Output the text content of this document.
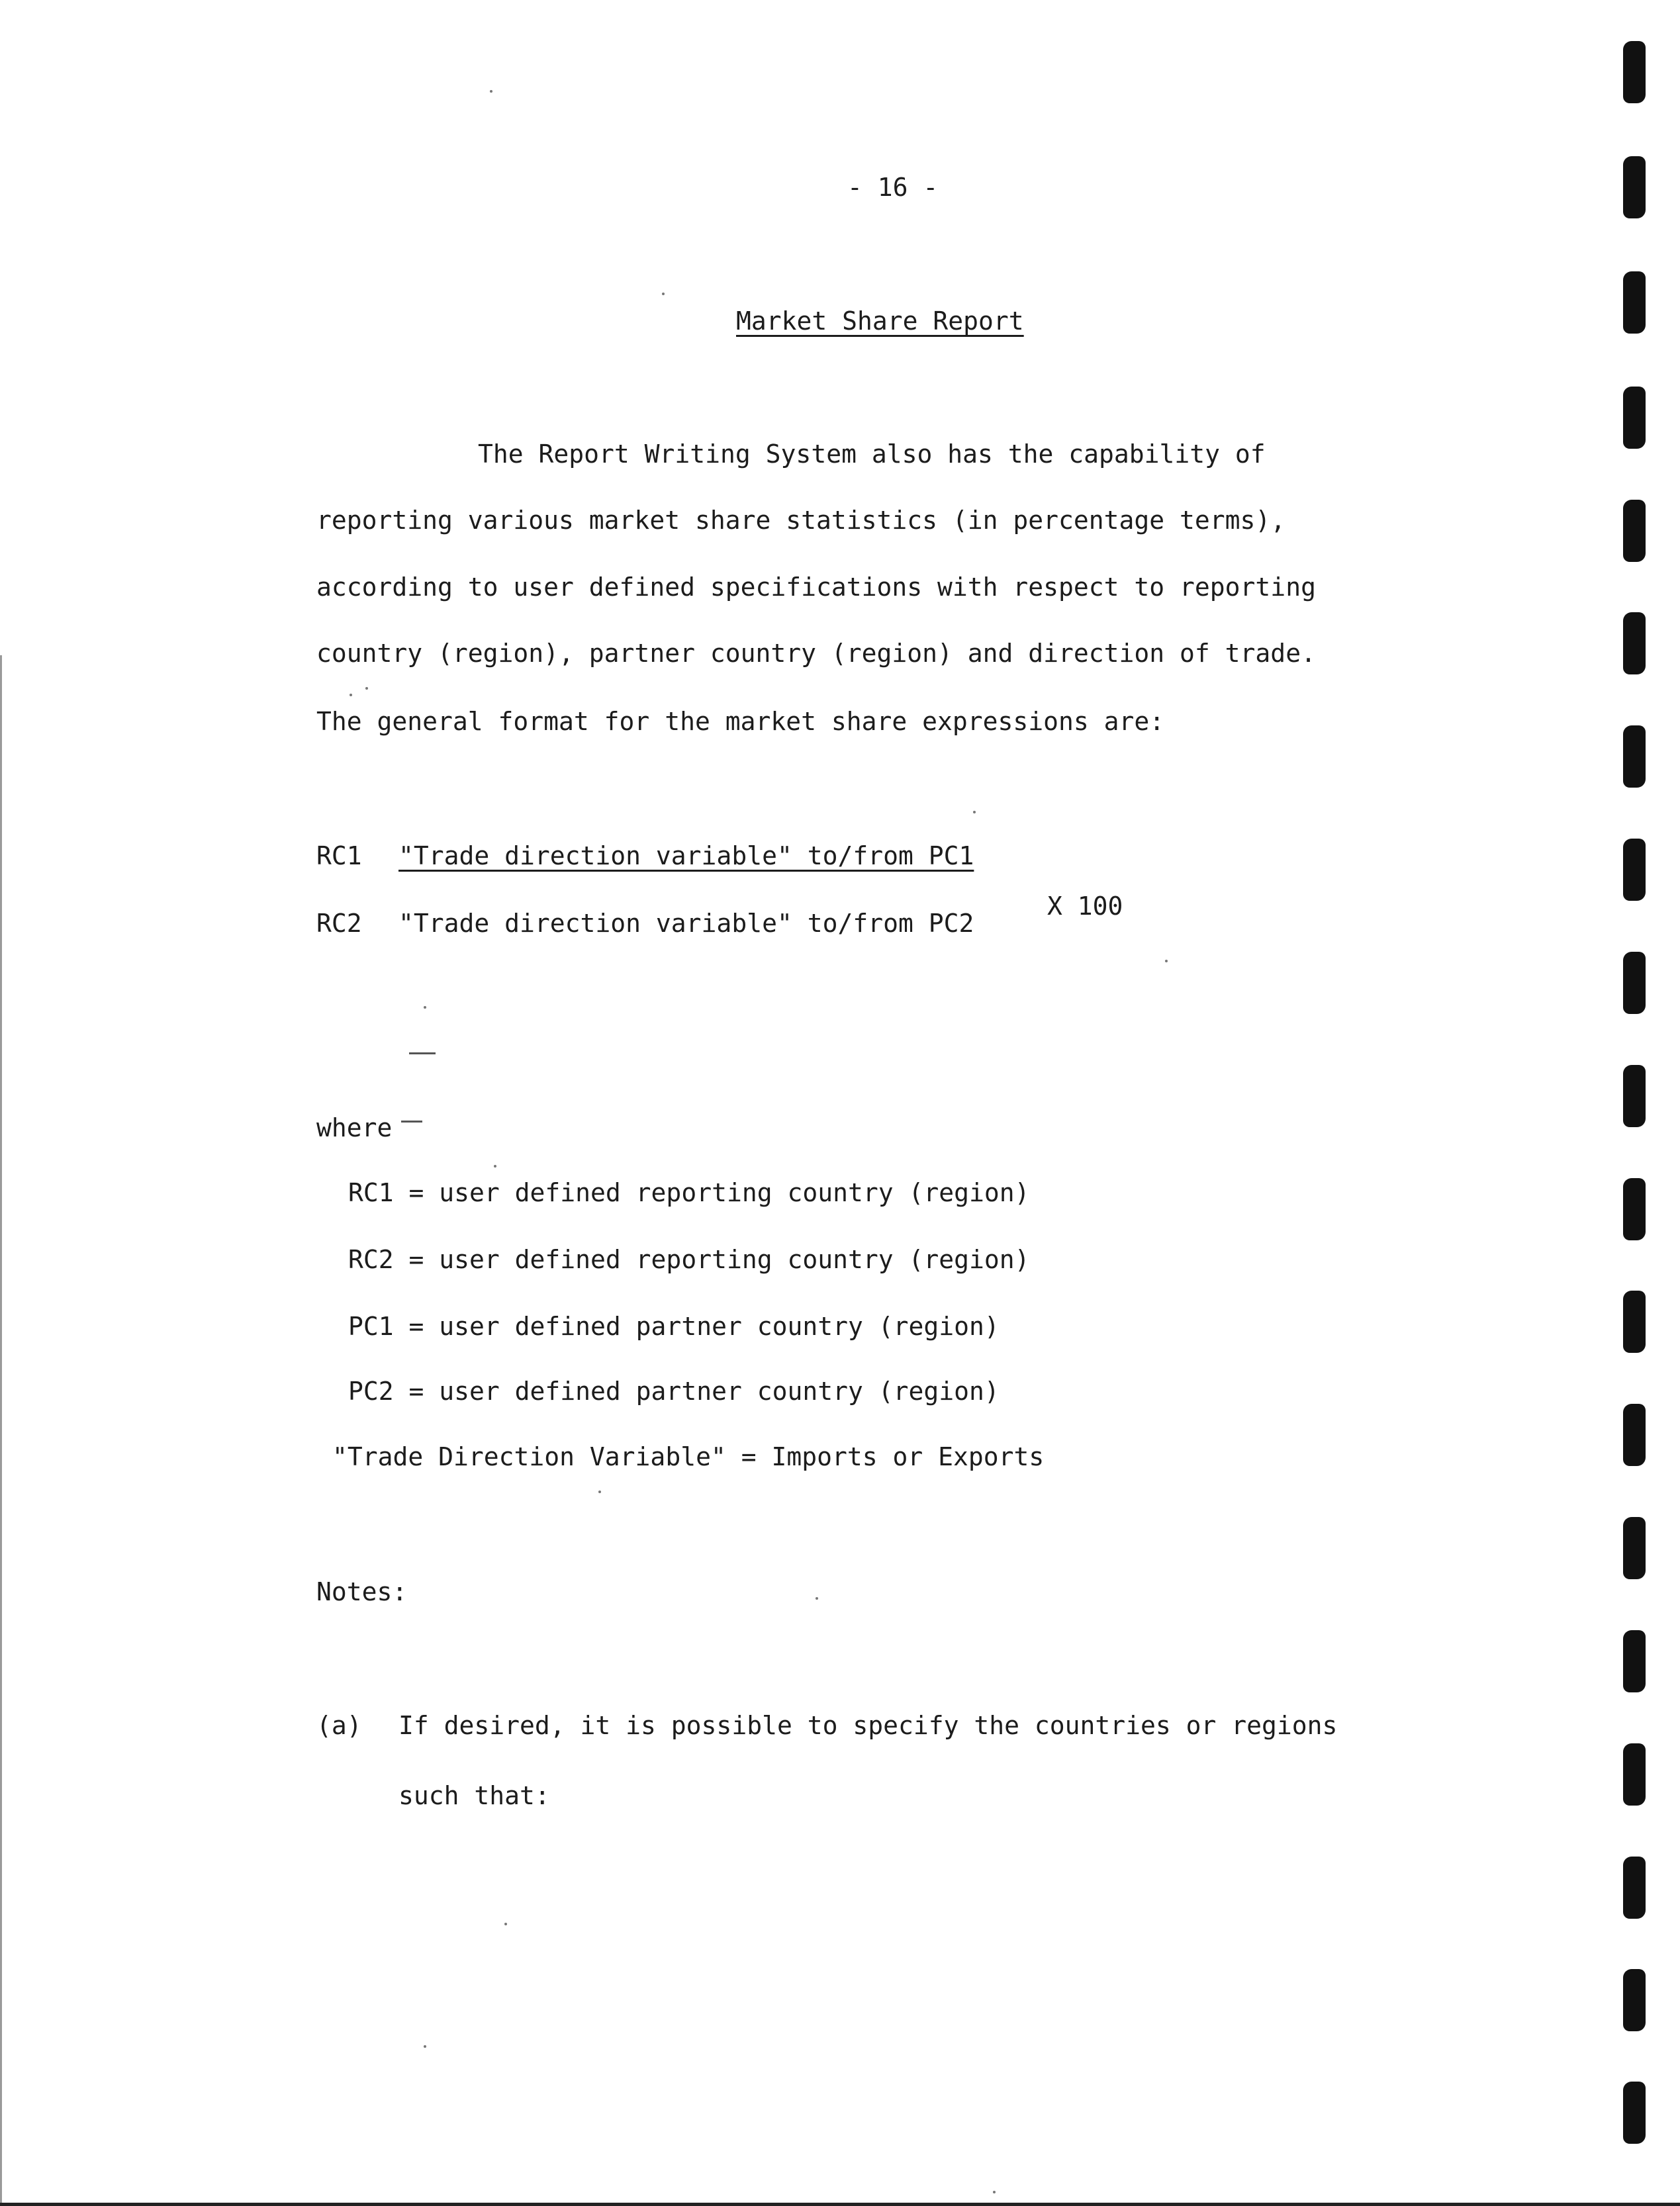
- 16 -
Market Share Report
The Report Writing System also has the capability of
reporting various market share statistics (in percentage terms),
according to user defined specifications with respect to reporting
country (region), partner country (region) and direction of trade.
The general format for the market share expressions are:
RC1 "Trade direction variable" to/from PC1
RC2 "Trade direction variable" to/from PC2
X 100
where
RC1 = user defined reporting country (region)
RC2 = user defined reporting country (region)
PC1 = user defined partner country (region)
PC2 = user defined partner country (region)
"Trade Direction Variable" = Imports or Exports
Notes:
(a) If desired, it is possible to specify the countries or regions
such that:
